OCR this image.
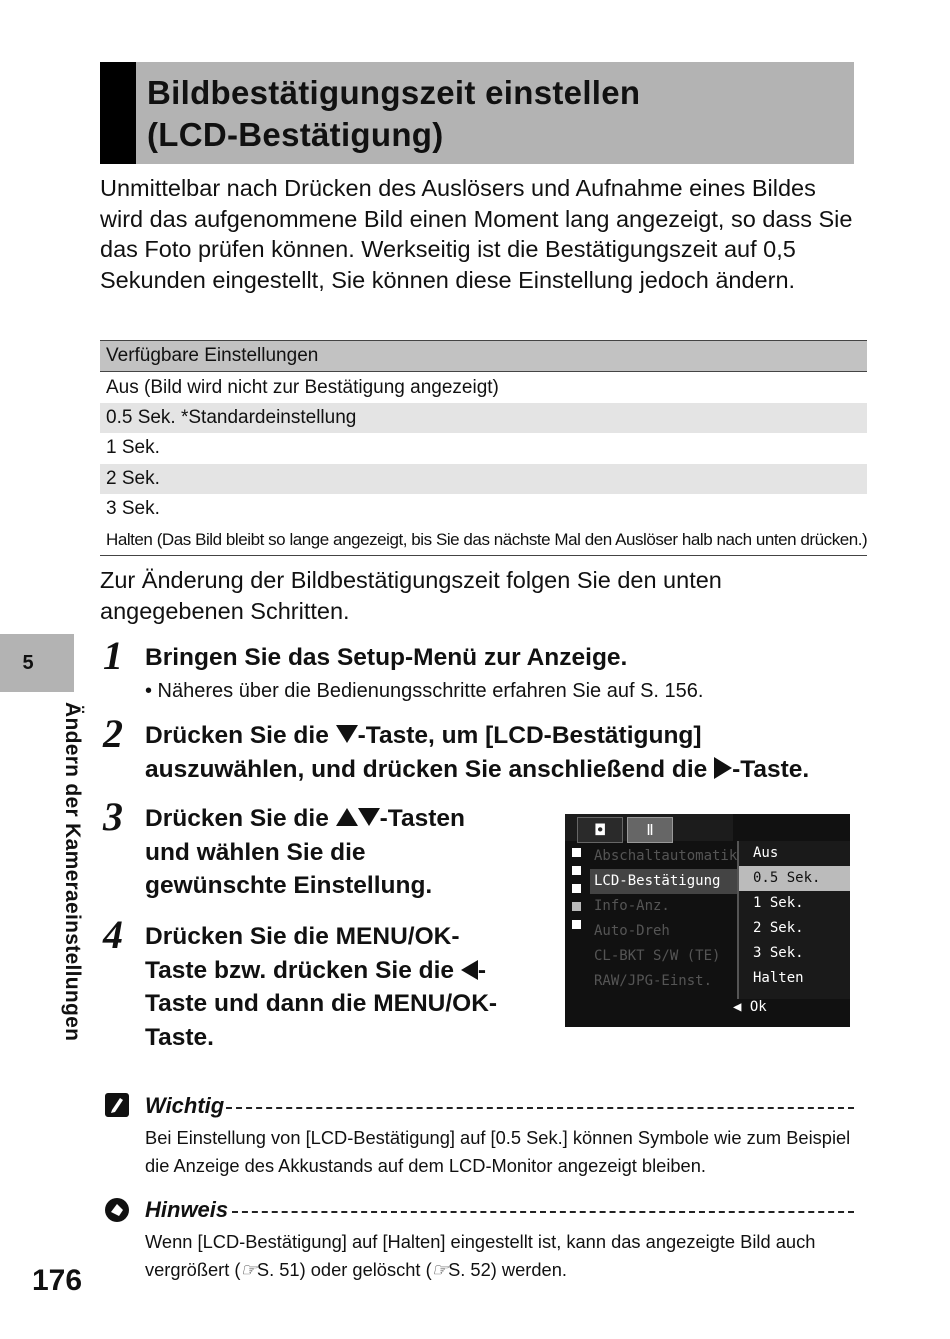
Bildbestätigungszeit einstellen
(LCD-Bestätigung)
Unmittelbar nach Drücken des Auslösers und Aufnahme eines Bildes wird das aufgenommene Bild einen Moment lang angezeigt, so dass Sie das Foto prüfen können. Werkseitig ist die Bestätigungszeit auf 0,5 Sekunden eingestellt, Sie können diese Einstellung jedoch ändern.
Verfügbare Einstellungen
Aus (Bild wird nicht zur Bestätigung angezeigt)
0.5 Sek. *Standardeinstellung
1 Sek.
2 Sek.
3 Sek.
Halten (Das Bild bleibt so lange angezeigt, bis Sie das nächste Mal den Auslöser halb nach unten drücken.)
Zur Änderung der Bildbestätigungszeit folgen Sie den unten angegebenen Schritten.
1 Bringen Sie das Setup-Menü zur Anzeige.
• Näheres über die Bedienungsschritte erfahren Sie auf S. 156.
2 Drücken Sie die -Taste, um [LCD-Bestätigung]
auszuwählen, und drücken Sie anschließend die -Taste.
3 Drücken Sie die -Tasten
und wählen Sie die
gewünschte Einstellung.
4 Drücken Sie die MENU/OK-
Taste bzw. drücken Sie die -
Taste und dann die MENU/OK-
Taste.
◘	ǁ
Abschaltautomatik
LCD-Bestätigung
Info-Anz.
Auto-Dreh
CL-BKT S/W (TE)
RAW/JPG-Einst.
Aus
0.5 Sek.
1 Sek.
2 Sek.
3 Sek.
Halten
◀ Ok
5
Ändern der Kameraeinstellungen
Wichtig
Bei Einstellung von [LCD-Bestätigung] auf [0.5 Sek.] können Symbole wie zum Beispiel die Anzeige des Akkustands auf dem LCD-Monitor angezeigt bleiben.
Hinweis
Wenn [LCD-Bestätigung] auf [Halten] eingestellt ist, kann das angezeigte Bild auch vergrößert (☞S. 51) oder gelöscht (☞S. 52) werden.
176
